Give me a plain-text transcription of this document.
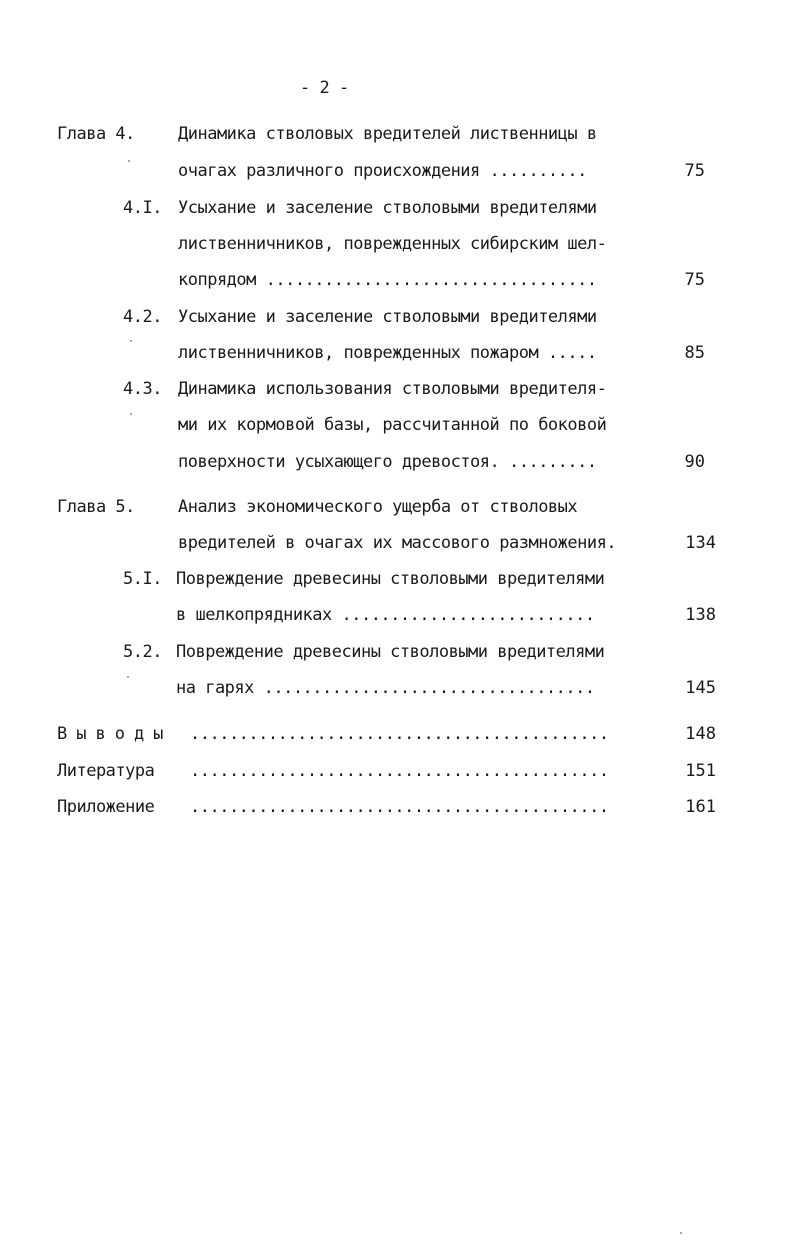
- 2 -
Глава 4.	Динамика стволовых вредителей лиственницы в
очагах различного происхождения ..........	75
4.I. Усыхание и заселение стволовыми вредителями
лиственничников, поврежденных сибирским шел-
копрядом ..................................	75
4.2. Усыхание и заселение стволовыми вредителями
лиственничников, поврежденных пожаром .....	85
4.3. Динамика использования стволовыми вредителя-
ми их кормовой базы, рассчитанной по боковой
поверхности усыхающего древостоя. .........	90
Глава 5.	Анализ экономического ущерба от стволовых
вредителей в очагах их массового размножения.	134
5.I. Повреждение древесины стволовыми вредителями
в шелкопрядниках ..........................	138
5.2. Повреждение древесины стволовыми вредителями
на гарях ..................................	145
Выводы ...........................................	148
Литература ...........................................	151
Приложение ...........................................	161
